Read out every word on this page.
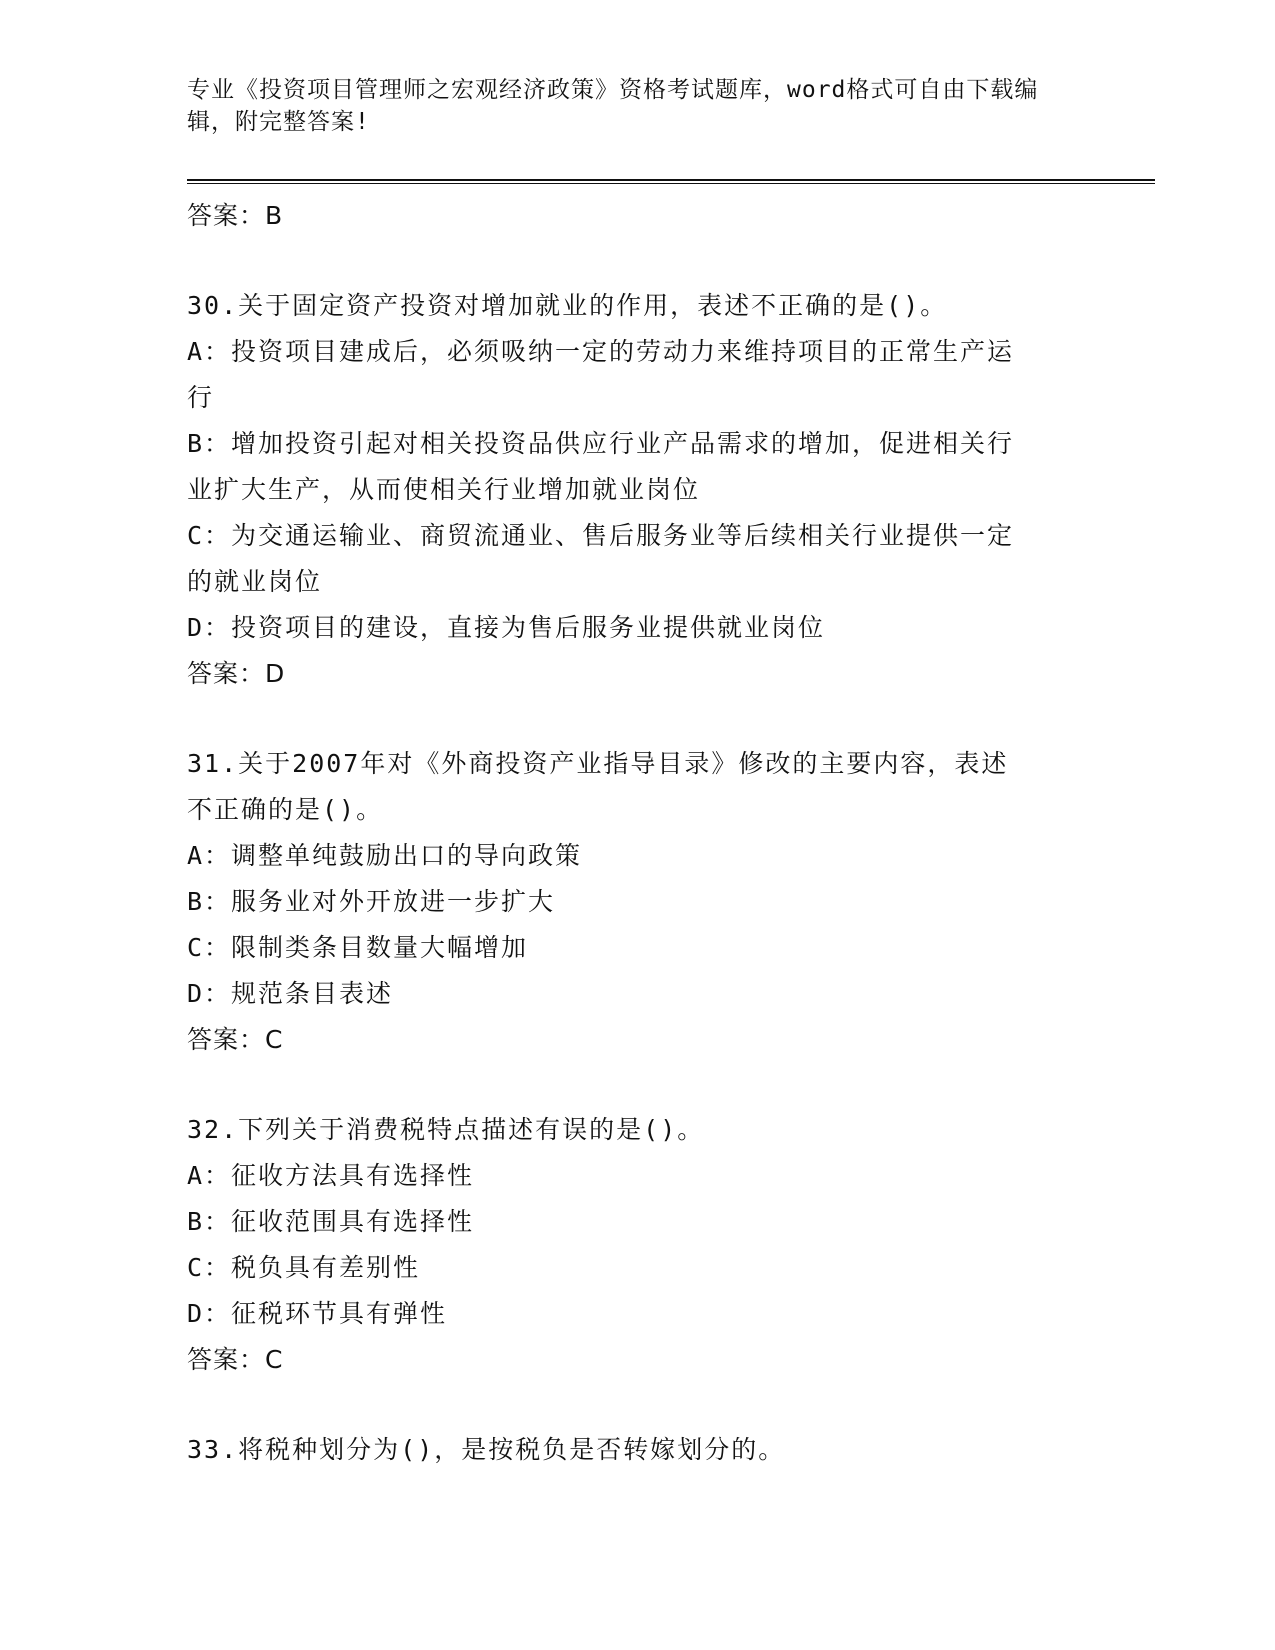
专业《投资项目管理师之宏观经济政策》资格考试题库，word格式可自由下载编
辑，附完整答案!
答案：B
30.关于固定资产投资对增加就业的作用，表述不正确的是()。
A：投资项目建成后，必须吸纳一定的劳动力来维持项目的正常生产运
行
B：增加投资引起对相关投资品供应行业产品需求的增加，促进相关行
业扩大生产，从而使相关行业增加就业岗位
C：为交通运输业、商贸流通业、售后服务业等后续相关行业提供一定
的就业岗位
D：投资项目的建设，直接为售后服务业提供就业岗位
答案：D
31.关于2007年对《外商投资产业指导目录》修改的主要内容，表述
不正确的是()。
A：调整单纯鼓励出口的导向政策
B：服务业对外开放进一步扩大
C：限制类条目数量大幅增加
D：规范条目表述
答案：C
32.下列关于消费税特点描述有误的是()。
A：征收方法具有选择性
B：征收范围具有选择性
C：税负具有差别性
D：征税环节具有弹性
答案：C
33.将税种划分为()，是按税负是否转嫁划分的。
